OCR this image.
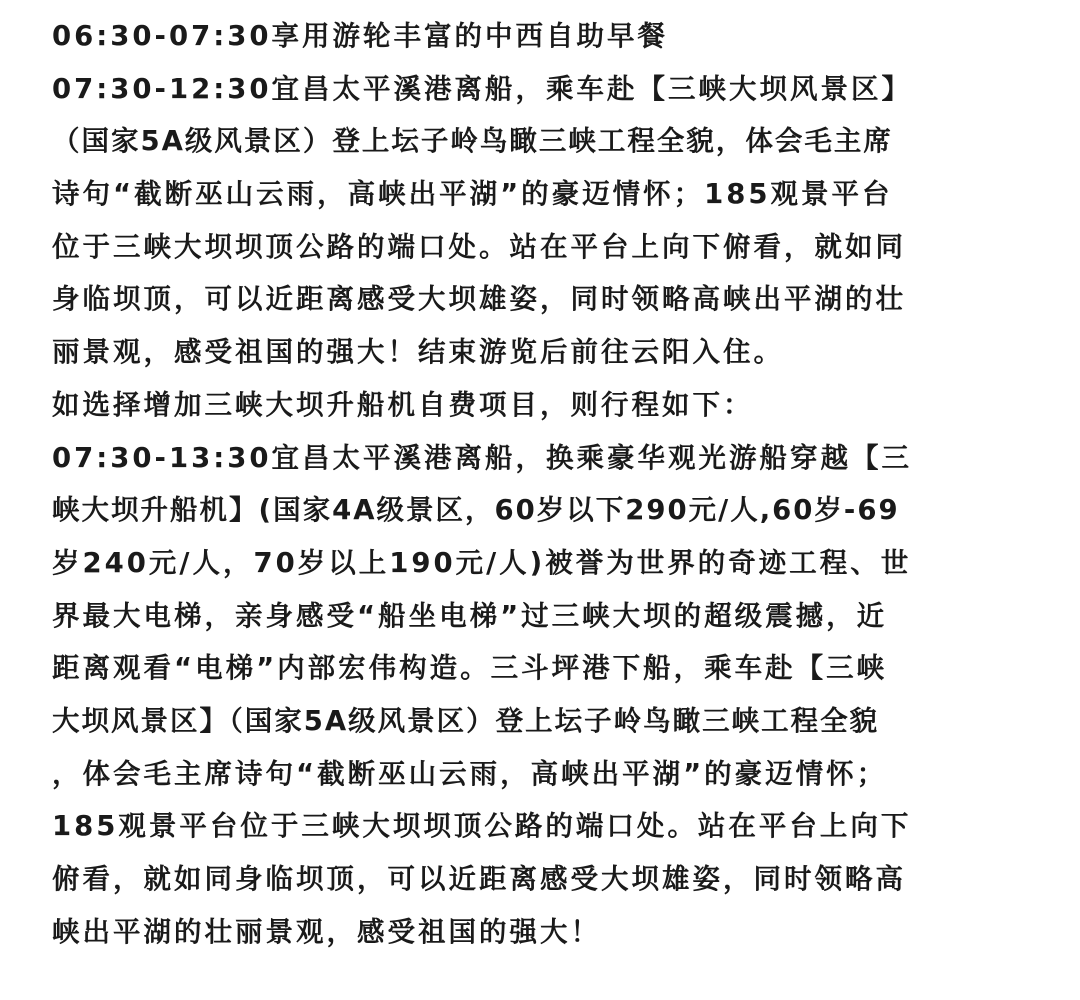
06:30-07:30享用游轮丰富的中西自助早餐
07:30-12:30宜昌太平溪港离船，乘车赴【三峡大坝风景区】
（国家5A级风景区）登上坛子岭鸟瞰三峡工程全貌，体会毛主席
诗句“截断巫山云雨，高峡出平湖”的豪迈情怀；185观景平台
位于三峡大坝坝顶公路的端口处。站在平台上向下俯看，就如同
身临坝顶，可以近距离感受大坝雄姿，同时领略高峡出平湖的壮
丽景观，感受祖国的强大！结束游览后前往云阳入住。
如选择增加三峡大坝升船机自费项目，则行程如下：
07:30-13:30宜昌太平溪港离船，换乘豪华观光游船穿越【三
峡大坝升船机】(国家4A级景区，60岁以下290元/人,60岁-69
岁240元/人，70岁以上190元/人)被誉为世界的奇迹工程、世
界最大电梯，亲身感受“船坐电梯”过三峡大坝的超级震撼，近
距离观看“电梯”内部宏伟构造。三斗坪港下船，乘车赴【三峡
大坝风景区】（国家5A级风景区）登上坛子岭鸟瞰三峡工程全貌
，体会毛主席诗句“截断巫山云雨，高峡出平湖”的豪迈情怀；
185观景平台位于三峡大坝坝顶公路的端口处。站在平台上向下
俯看，就如同身临坝顶，可以近距离感受大坝雄姿，同时领略高
峡出平湖的壮丽景观，感受祖国的强大！
